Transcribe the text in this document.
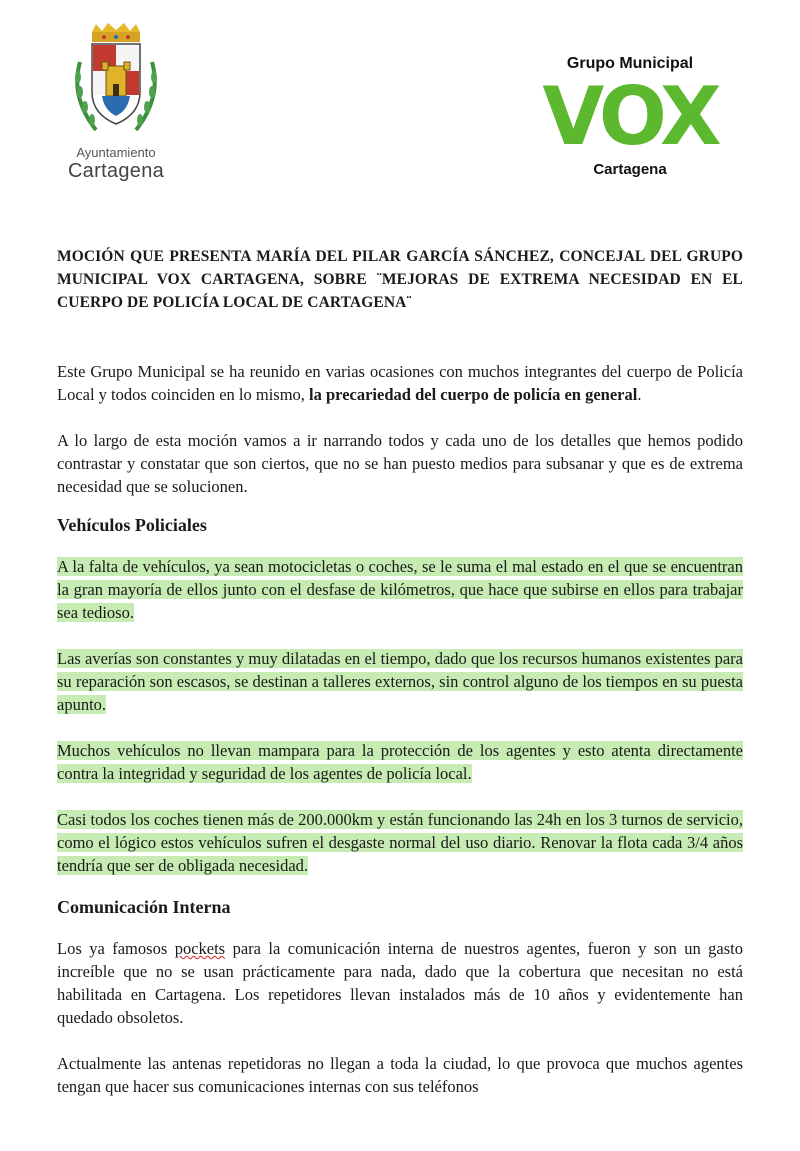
Ayuntamiento
Cartagena
Grupo Municipal
VOX
Cartagena

MOCIÓN QUE PRESENTA MARÍA DEL PILAR GARCÍA SÁNCHEZ, CONCEJAL DEL GRUPO MUNICIPAL VOX CARTAGENA, SOBRE ¨MEJORAS DE EXTREMA NECESIDAD EN EL CUERPO DE POLICÍA LOCAL DE CARTAGENA¨

Este Grupo Municipal se ha reunido en varias ocasiones con muchos integrantes del cuerpo de Policía Local y todos coinciden en lo mismo, la precariedad del cuerpo de policía en general.

A lo largo de esta moción vamos a ir narrando todos y cada uno de los detalles que hemos podido contrastar y constatar que son ciertos, que no se han puesto medios para subsanar y que es de extrema necesidad que se solucionen.

Vehículos Policiales

A la falta de vehículos, ya sean motocicletas o coches, se le suma el mal estado en el que se encuentran la gran mayoría de ellos junto con el desfase de kilómetros, que hace que subirse en ellos para trabajar sea tedioso.

Las averías son constantes y muy dilatadas en el tiempo, dado que los recursos humanos existentes para su reparación son escasos, se destinan a talleres externos, sin control alguno de los tiempos en su puesta apunto.

Muchos vehículos no llevan mampara para la protección de los agentes y esto atenta directamente contra la integridad y seguridad de los agentes de policía local.

Casi todos los coches tienen más de 200.000km y están funcionando las 24h en los 3 turnos de servicio, como el lógico estos vehículos sufren el desgaste normal del uso diario. Renovar la flota cada 3/4 años tendría que ser de obligada necesidad.

Comunicación Interna

Los ya famosos pockets para la comunicación interna de nuestros agentes, fueron y son un gasto increíble que no se usan prácticamente para nada, dado que la cobertura que necesitan no está habilitada en Cartagena. Los repetidores llevan instalados más de 10 años y evidentemente han quedado obsoletos.

Actualmente las antenas repetidoras no llegan a toda la ciudad, lo que provoca que muchos agentes tengan que hacer sus comunicaciones internas con sus teléfonos
